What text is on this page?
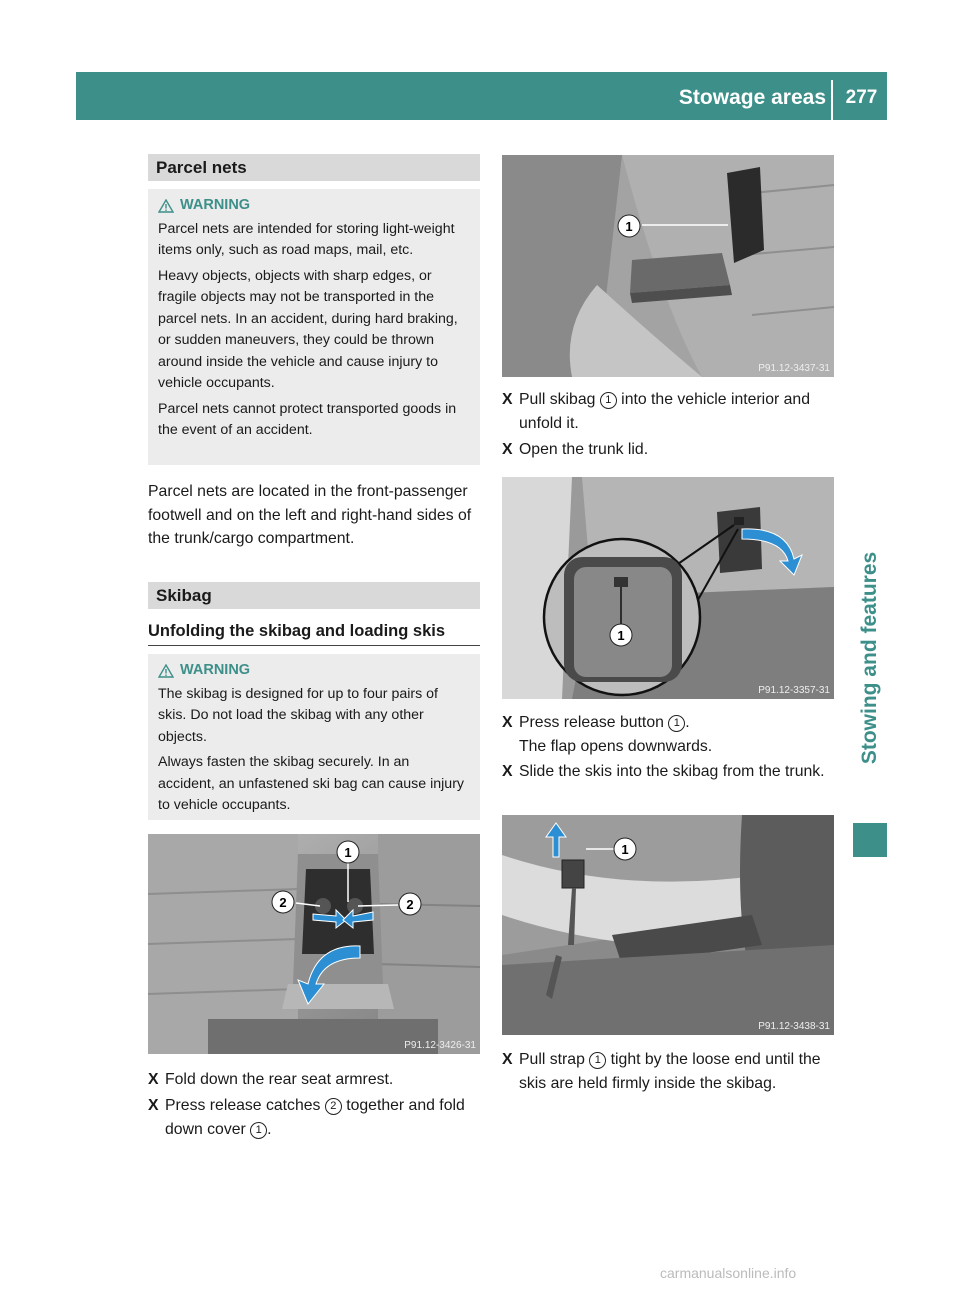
Stowage areas	277
Stowing and features
Parcel nets
WARNING

Parcel nets are intended for storing light-weight items only, such as road maps, mail, etc.

Heavy objects, objects with sharp edges, or fragile objects may not be transported in the parcel nets. In an accident, during hard braking, or sudden maneuvers, they could be thrown around inside the vehicle and cause injury to vehicle occupants.

Parcel nets cannot protect transported goods in the event of an accident.

Parcel nets are located in the front-passenger footwell and on the left and right-hand sides of the trunk/cargo compartment.
Skibag
Unfolding the skibag and loading skis
WARNING

The skibag is designed for up to four pairs of skis. Do not load the skibag with any other objects.

Always fasten the skibag securely. In an accident, an unfastened ski bag can cause injury to vehicle occupants.

1
2	2
P91.12-3426-31
X Fold down the rear seat armrest.
X Press release catches 2 together and fold down cover 1 .
1
P91.12-3437-31
X Pull skibag 1 into the vehicle interior and unfold it.
X Open the trunk lid.
1
P91.12-3357-31
X Press release button 1 .
The flap opens downwards.
X Slide the skis into the skibag from the trunk.
1
P91.12-3438-31
X Pull strap 1 tight by the loose end until the skis are held firmly inside the skibag.
carmanualsonline.info
